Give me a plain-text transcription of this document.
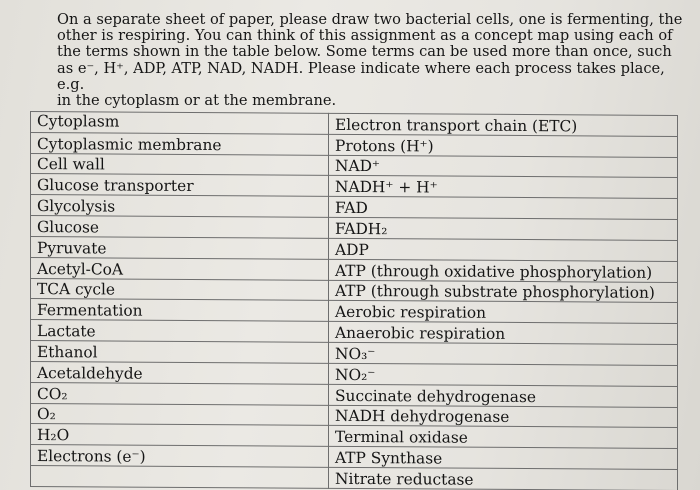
On a separate sheet of paper, please draw two bacterial cells, one is fermenting, the

other is respiring. You can think of this assignment as a concept map using each of

the terms shown in the table below. Some terms can be used more than once, such

as e⁻, H⁺, ADP, ATP, NAD, NADH. Please indicate where each process takes place, e.g.

in the cytoplasm or at the membrane.

Cytoplasm	Electron transport chain (ETC)
Cytoplasmic membrane	Protons (H⁺)
Cell wall	NAD⁺
Glucose transporter	NADH⁺ + H⁺
Glycolysis	FAD
Glucose	FADH₂
Pyruvate	ADP
Acetyl-CoA	ATP (through oxidative phosphorylation)
TCA cycle	ATP (through substrate phosphorylation)
Fermentation	Aerobic respiration
Lactate	Anaerobic respiration
Ethanol	NO₃⁻
Acetaldehyde	NO₂⁻
CO₂	Succinate dehydrogenase
O₂	NADH dehydrogenase
H₂O	Terminal oxidase
Electrons (e⁻)	ATP Synthase
	Nitrate reductase
